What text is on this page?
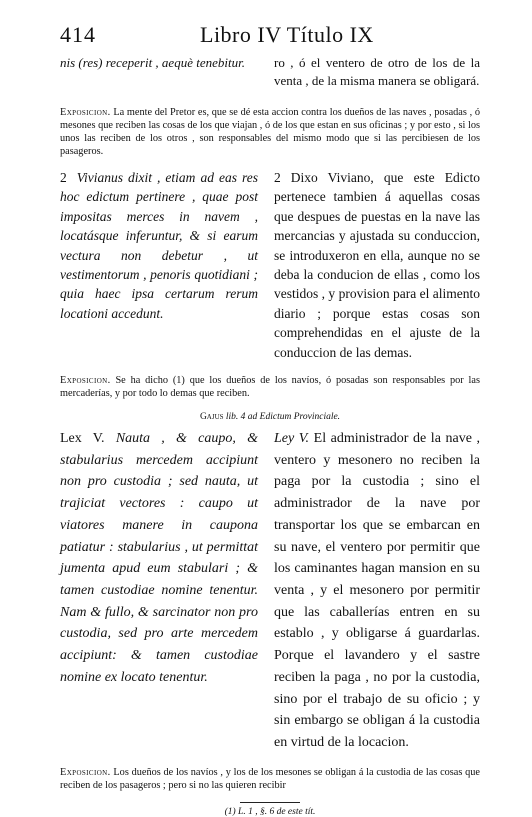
414	Libro IV Título IX

nis (res) receperit , aequè tenebitur.	ro , ó el ventero de otro de los de la venta , de la misma manera se obligará.

Exposicion. La mente del Pretor es, que se dé esta accion contra los dueños de las naves , posadas , ó mesones que reciben las cosas de los que viajan , ó de los que estan en sus oficinas ; y por esto , si los unos las reciben de los otros , son responsables del mismo modo que si las percibiesen de los pasageros.

2 Vivianus dixit , etiam ad eas res hoc edictum pertinere , quae post impositas merces in navem , locatásque inferuntur, & si earum vectura non debetur , ut vestimentorum , penoris quotidiani ; quia haec ipsa certarum rerum locationi accedunt.

2 Dixo Viviano, que este Edicto pertenece tambien á aquellas cosas que despues de puestas en la nave las mercancias y ajustada su conduccion, se introduxeron en ella, aunque no se deba la conducion de ellas , como los vestidos , y provision para el alimento diario ; porque estas cosas son comprehendidas en el ajuste de la conduccion de las demas.

Exposicion. Se ha dicho (1) que los dueños de los navíos, ó posadas son responsables por las mercaderías, y por todo lo demas que reciben.

Gajus lib. 4 ad Edictum Provinciale.

Lex V. Nauta , & caupo, & stabularius mercedem accipiunt non pro custodia ; sed nauta, ut trajiciat vectores : caupo ut viatores manere in caupona patiatur : stabularius , ut permittat jumenta apud eum stabulari ; & tamen custodiae nomine tenentur. Nam & fullo, & sarcinator non pro custodia, sed pro arte mercedem accipiunt: & tamen custodiae nomine ex locato tenentur.

Ley V. El administrador de la nave , ventero y mesonero no reciben la paga por la custodia ; sino el administrador de la nave por transportar los que se embarcan en su nave, el ventero por permitir que los caminantes hagan mansion en su venta , y el mesonero por permitir que las caballerías entren en su establo , y obligarse á guardarlas. Porque el lavandero y el sastre reciben la paga , no por la custodia, sino por el trabajo de su oficio ; y sin embargo se obligan á la custodia en virtud de la locacion.

Exposicion. Los dueños de los navíos , y los de los mesones se obligan á la custodia de las cosas que reciben de los pasageros ; pero si no las quieren recibir

(1) L. 1 , §. 6 de este tít.
